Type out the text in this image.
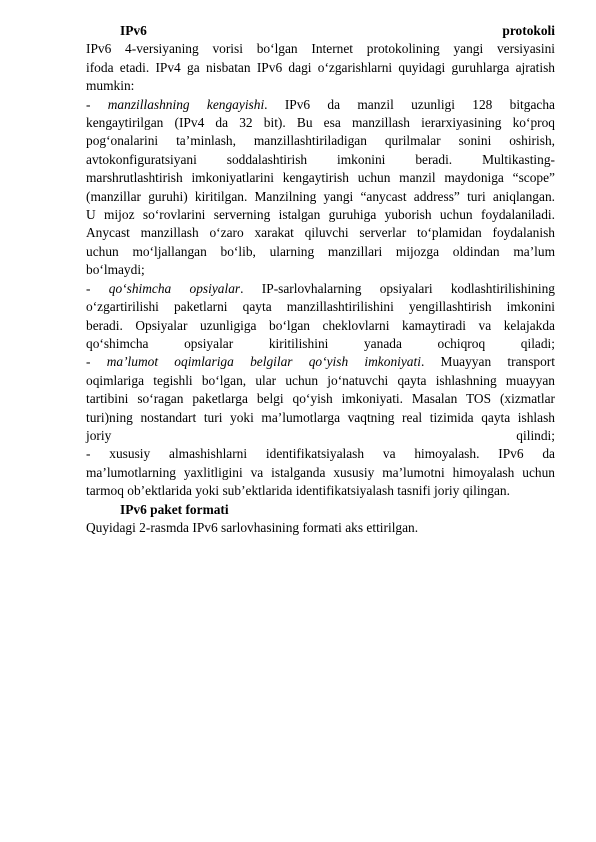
IPv6	protokoli
IPv6 4-versiyaning vorisi bo‘lgan Internet protokolining yangi versiyasini
ifoda etadi. IPv4 ga nisbatan IPv6 dagi o‘zgarishlarni quyidagi guruhlarga ajratish
mumkin:
- manzillashning kengayishi. IPv6 da manzil uzunligi 128 bitgacha
kengaytirilgan (IPv4 da 32 bit). Bu esa manzillash ierarxiyasining ko‘proq
pog‘onalarini ta’minlash, manzillashtiriladigan qurilmalar sonini oshirish,
avtokonfiguratsiyani soddalashtirish imkonini beradi. Multikasting-
marshrutlashtirish imkoniyatlarini kengaytirish uchun manzil maydoniga “scope”
(manzillar guruhi) kiritilgan. Manzilning yangi “anycast address” turi aniqlangan.
U mijoz so‘rovlarini serverning istalgan guruhiga yuborish uchun foydalaniladi.
Anycast manzillash o‘zaro xarakat qiluvchi serverlar to‘plamidan foydalanish
uchun mo‘ljallangan bo‘lib, ularning manzillari mijozga oldindan ma’lum
bo‘lmaydi;
- qo‘shimcha opsiyalar. IP-sarlovhalarning opsiyalari kodlashtirilishining
o‘zgartirilishi paketlarni qayta manzillashtirilishini yengillashtirish imkonini
beradi. Opsiyalar uzunligiga bo‘lgan cheklovlarni kamaytiradi va kelajakda
qo‘shimcha opsiyalar kiritilishini yanada ochiqroq qiladi;
- ma’lumot oqimlariga belgilar qo‘yish imkoniyati. Muayyan transport
oqimlariga tegishli bo‘lgan, ular uchun jo‘natuvchi qayta ishlashning muayyan
tartibini so‘ragan paketlarga belgi qo‘yish imkoniyati. Masalan TOS (xizmatlar
turi)ning nostandart turi yoki ma’lumotlarga vaqtning real tizimida qayta ishlash
joriy qilindi;
- xususiy almashishlarni identifikatsiyalash va himoyalash. IPv6 da
ma’lumotlarning yaxlitligini va istalganda xususiy ma’lumotni himoyalash uchun
tarmoq ob’ektlarida yoki sub’ektlarida identifikatsiyalash tasnifi joriy qilingan.
IPv6 paket formati
Quyidagi 2-rasmda IPv6 sarlovhasining formati aks ettirilgan.
